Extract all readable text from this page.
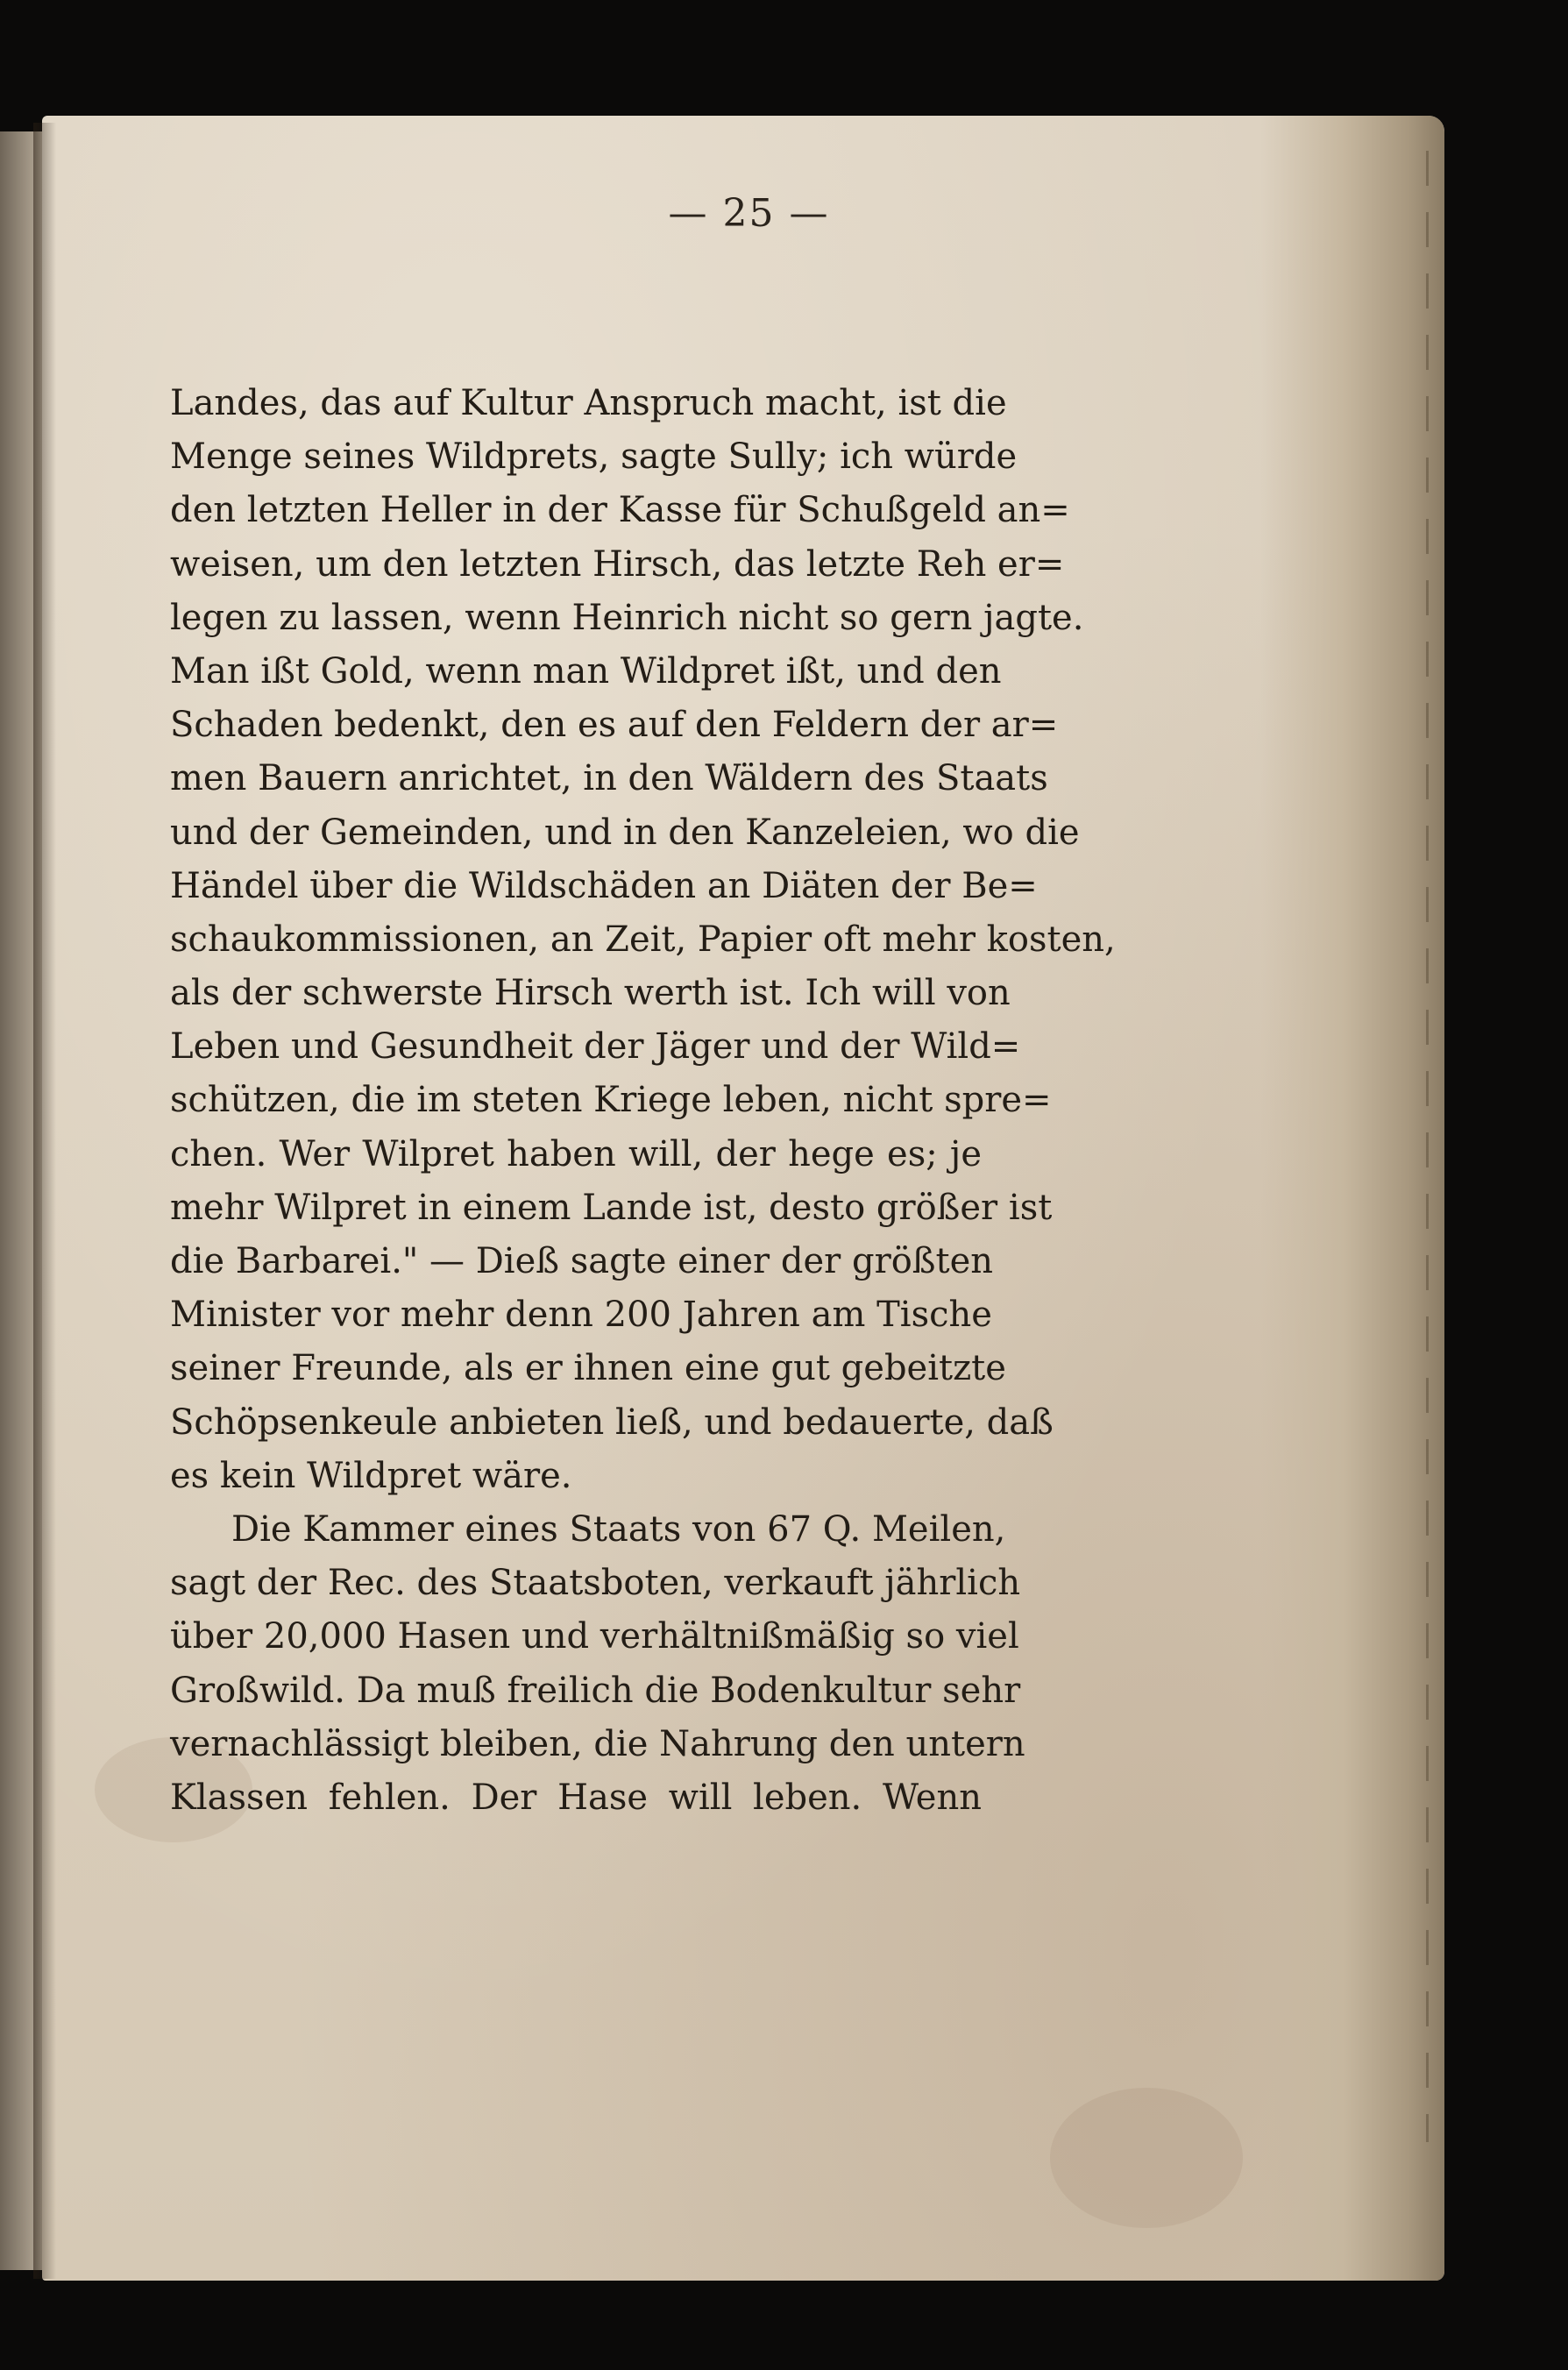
— 25 —
Landes, das auf Kultur Anspruch macht, ist die
Menge seines Wildprets, sagte Sully; ich würde
den letzten Heller in der Kasse für Schußgeld an=
weisen, um den letzten Hirsch, das letzte Reh er=
legen zu lassen, wenn Heinrich nicht so gern jagte.
Man ißt Gold, wenn man Wildpret ißt, und den
Schaden bedenkt, den es auf den Feldern der ar=
men Bauern anrichtet, in den Wäldern des Staats
und der Gemeinden, und in den Kanzeleien, wo die
Händel über die Wildschäden an Diäten der Be=
schaukommissionen, an Zeit, Papier oft mehr kosten,
als der schwerste Hirsch werth ist. Ich will von
Leben und Gesundheit der Jäger und der Wild=
schützen, die im steten Kriege leben, nicht spre=
chen. Wer Wilpret haben will, der hege es; je
mehr Wilpret in einem Lande ist, desto größer ist
die Barbarei." — Dieß sagte einer der größten
Minister vor mehr denn 200 Jahren am Tische
seiner Freunde, als er ihnen eine gut gebeitzte
Schöpsenkeule anbieten ließ, und bedauerte, daß
es kein Wildpret wäre.
Die Kammer eines Staats von 67 Q. Meilen,
sagt der Rec. des Staatsboten, verkauft jährlich
über 20,000 Hasen und verhältnißmäßig so viel
Großwild. Da muß freilich die Bodenkultur sehr
vernachlässigt bleiben, die Nahrung den untern
Klassen fehlen. Der Hase will leben. Wenn
